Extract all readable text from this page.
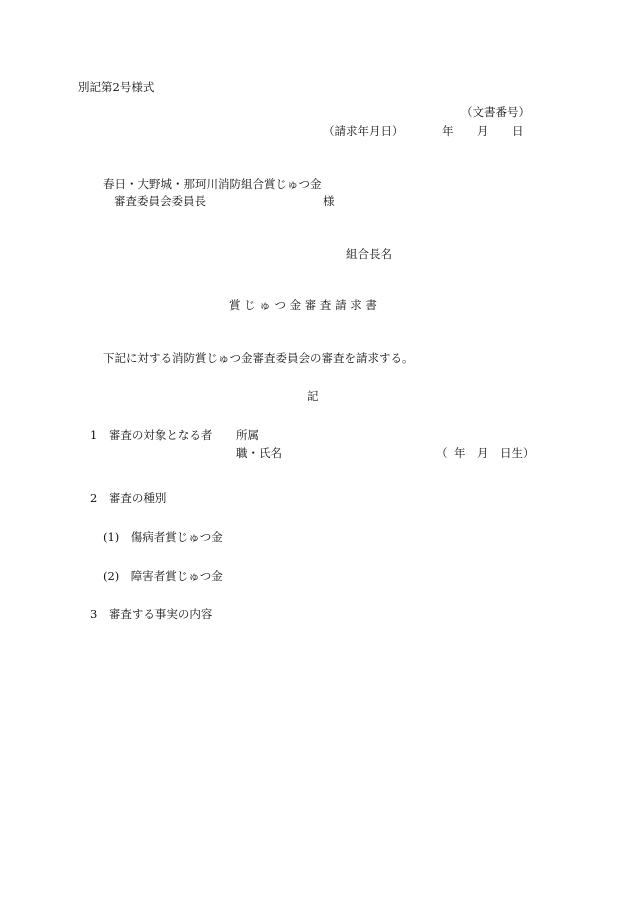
別記第2号様式
（文書番号）
（請求年月日）	年 月 日
春日・大野城・那珂川消防組合賞じゅつ金
審査委員会委員長	様
組合長名
賞 じ ゅ つ 金 審 査 請 求 書
下記に対する消防賞じゅつ金審査委員会の審査を請求する。
記
1　審査の対象となる者 所属
職・氏名	（ 年 月 日生）
2　審査の種別
(1)　傷病者賞じゅつ金
(2)　障害者賞じゅつ金
3　審査する事実の内容
